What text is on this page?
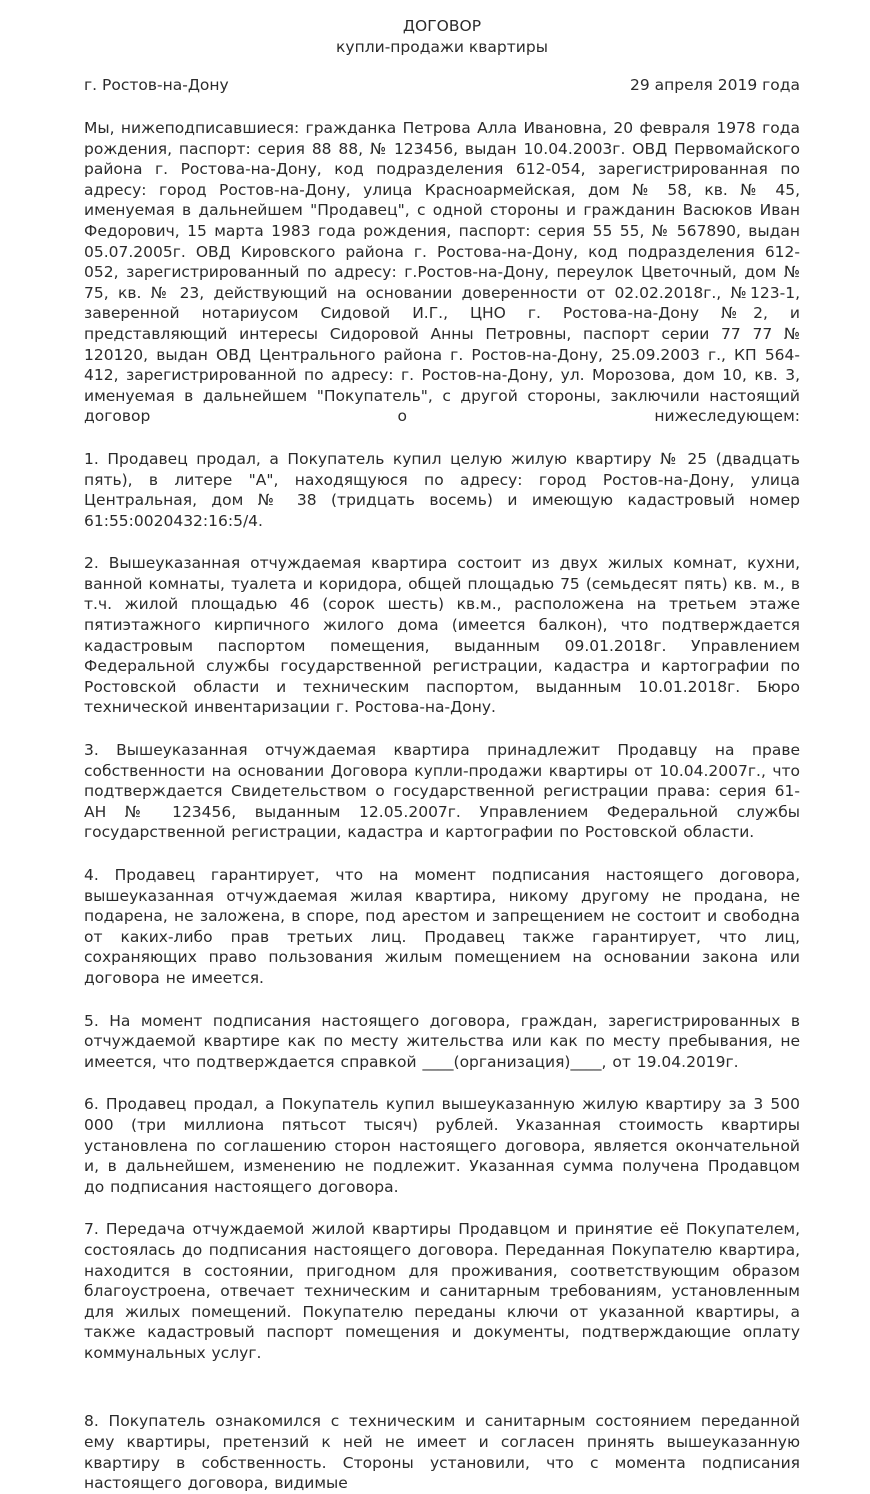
ДОГОВОР
купли-продажи квартиры
г. Ростов-на-Дону	29 апреля 2019 года

Мы, нижеподписавшиеся: гражданка Петрова Алла Ивановна, 20 февраля 1978 года рождения, паспорт: серия 88 88, № 123456, выдан 10.04.2003г. ОВД Первомайского района г. Ростова-на-Дону, код подразделения 612-054, зарегистрированная по адресу: город Ростов-на-Дону, улица Красноармейская, дом № 58, кв. № 45, именуемая в дальнейшем "Продавец", с одной стороны и гражданин Васюков Иван Федорович, 15 марта 1983 года рождения, паспорт: серия 55 55, № 567890, выдан 05.07.2005г. ОВД Кировского района г. Ростова-на-Дону, код подразделения 612-052, зарегистрированный по адресу: г.Ростов-на-Дону, переулок Цветочный, дом № 75, кв. № 23, действующий на основании доверенности от 02.02.2018г., №123-1, заверенной нотариусом Сидовой И.Г., ЦНО г. Ростова-на-Дону №2, и представляющий интересы Сидоровой Анны Петровны, паспорт серии 77 77 № 120120, выдан ОВД Центрального района г. Ростов-на-Дону, 25.09.2003 г., КП 564-412, зарегистрированной по адресу: г. Ростов-на-Дону, ул. Морозова, дом 10, кв. 3, именуемая в дальнейшем "Покупатель", с другой стороны, заключили настоящий договор о нижеследующем:

1. Продавец продал, а Покупатель купил целую жилую квартиру № 25 (двадцать пять), в литере "А", находящуюся по адресу: город Ростов-на-Дону, улица Центральная, дом № 38 (тридцать восемь) и имеющую кадастровый номер 61:55:0020432:16:5/4.

2. Вышеуказанная отчуждаемая квартира состоит из двух жилых комнат, кухни, ванной комнаты, туалета и коридора, общей площадью 75 (семьдесят пять) кв. м., в т.ч. жилой площадью 46 (сорок шесть) кв.м., расположена на третьем этаже пятиэтажного кирпичного жилого дома (имеется балкон), что подтверждается кадастровым паспортом помещения, выданным 09.01.2018г. Управлением Федеральной службы государственной регистрации, кадастра и картографии по Ростовской области и техническим паспортом, выданным 10.01.2018г. Бюро технической инвентаризации г. Ростова-на-Дону.

3. Вышеуказанная отчуждаемая квартира принадлежит Продавцу на праве собственности на основании Договора купли-продажи квартиры от 10.04.2007г., что подтверждается Свидетельством о государственной регистрации права: серия 61-АН № 123456, выданным 12.05.2007г. Управлением Федеральной службы государственной регистрации, кадастра и картографии по Ростовской области.

4. Продавец гарантирует, что на момент подписания настоящего договора, вышеуказанная отчуждаемая жилая квартира, никому другому не продана, не подарена, не заложена, в споре, под арестом и запрещением не состоит и свободна от каких-либо прав третьих лиц. Продавец также гарантирует, что лиц, сохраняющих право пользования жилым помещением на основании закона или договора не имеется.

5. На момент подписания настоящего договора, граждан, зарегистрированных в отчуждаемой квартире как по месту жительства или как по месту пребывания, не имеется, что подтверждается справкой ____(организация)____, от 19.04.2019г.

6. Продавец продал, а Покупатель купил вышеуказанную жилую квартиру за 3 500 000 (три миллиона пятьсот тысяч) рублей. Указанная стоимость квартиры установлена по соглашению сторон настоящего договора, является окончательной и, в дальнейшем, изменению не подлежит. Указанная сумма получена Продавцом до подписания настоящего договора.

7. Передача отчуждаемой жилой квартиры Продавцом и принятие её Покупателем, состоялась до подписания настоящего договора. Переданная Покупателю квартира, находится в состоянии, пригодном для проживания, соответствующим образом благоустроена, отвечает техническим и санитарным требованиям, установленным для жилых помещений. Покупателю переданы ключи от указанной квартиры, а также кадастровый паспорт помещения и документы, подтверждающие оплату коммунальных услуг.

8. Покупатель ознакомился с техническим и санитарным состоянием переданной ему квартиры, претензий к ней не имеет и согласен принять вышеуказанную квартиру в собственность. Стороны установили, что с момента подписания настоящего договора, видимые
